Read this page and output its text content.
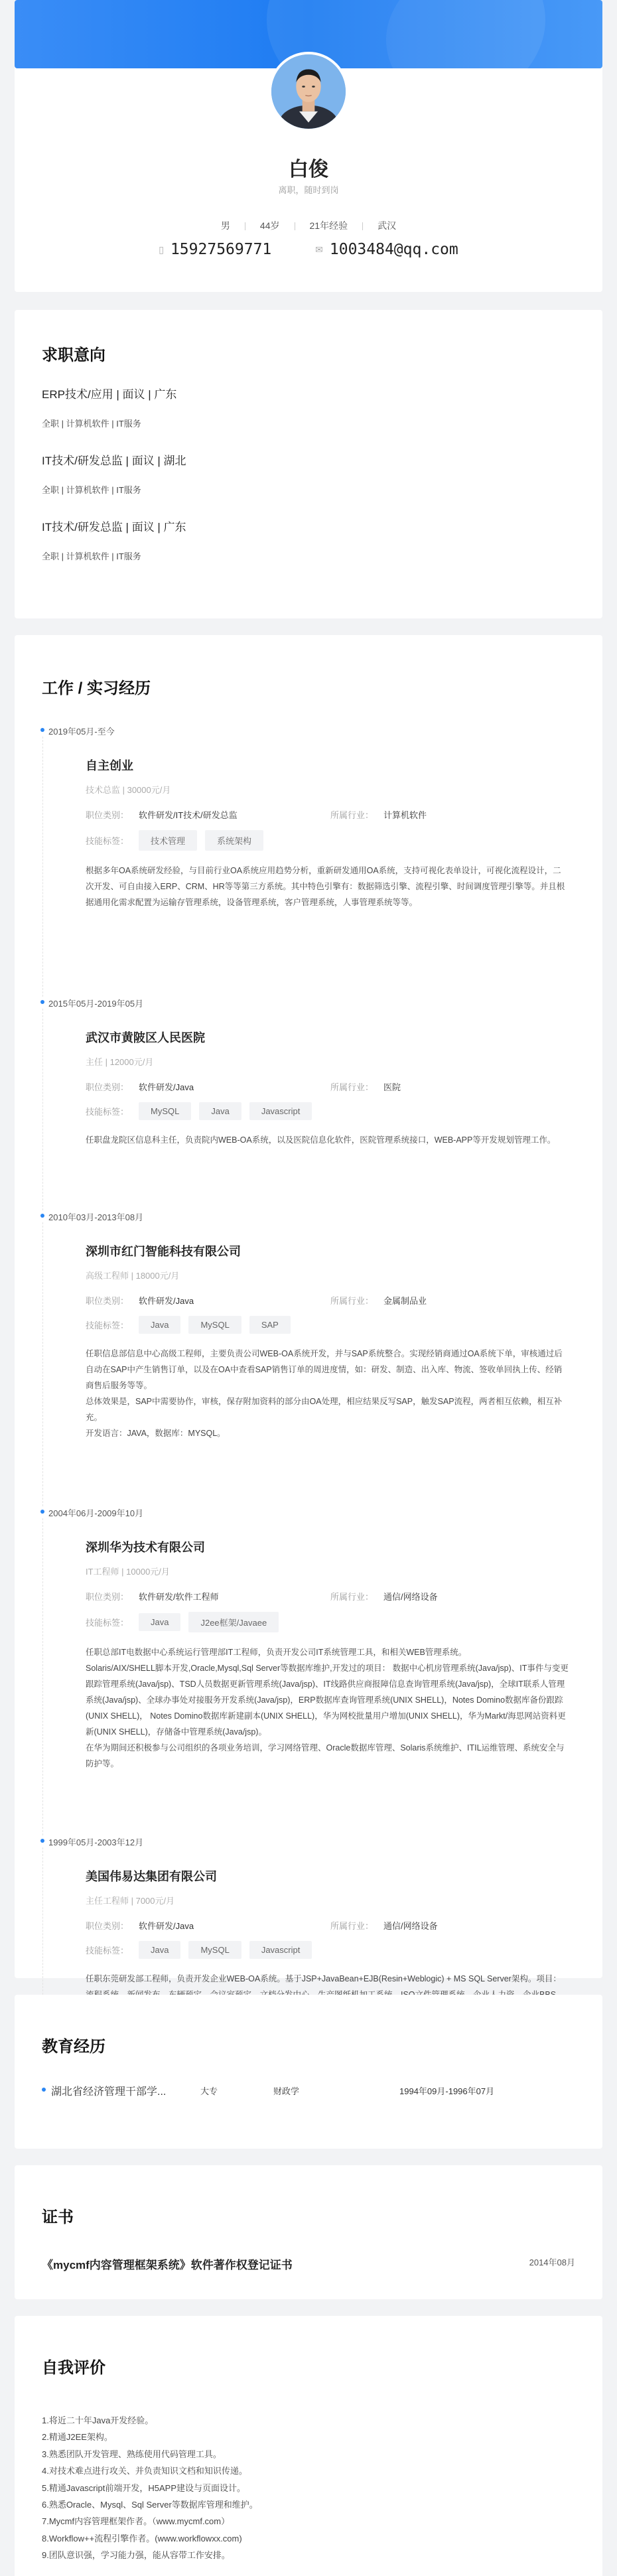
白俊
离职，随时到岗
男	44岁	21年经验	武汉
▯ 15927569771	✉ 1003484@qq.com
求职意向
ERP技术/应用 | 面议 | 广东
全职 | 计算机软件 | IT服务
IT技术/研发总监 | 面议 | 湖北
全职 | 计算机软件 | IT服务
IT技术/研发总监 | 面议 | 广东
全职 | 计算机软件 | IT服务
工作 / 实习经历
2019年05月-至今
自主创业
技术总监 | 30000元/月
职位类别：	软件研发/IT技术/研发总监	所属行业：	计算机软件
技能标签：	技术管理	系统架构
根据多年OA系统研发经验，与目前行业OA系统应用趋势分析，重新研发通用OA系统，支持可视化表单设计，可视化流程设计，二次开发、可自由接入ERP、CRM、HR等等第三方系统。其中特色引擎有：数据筛选引擎、流程引擎、时间调度管理引擎等。并且根据通用化需求配置为运输存管理系统，设备管理系统，客户管理系统，人事管理系统等等。
2015年05月-2019年05月
武汉市黄陂区人民医院
主任 | 12000元/月
职位类别：	软件研发/Java	所属行业：	医院
技能标签：	MySQL	Java	Javascript
任职盘龙院区信息科主任，负责院内WEB-OA系统，以及医院信息化软件，医院管理系统接口，WEB-APP等开发规划管理工作。
2010年03月-2013年08月
深圳市红门智能科技有限公司
高级工程师 | 18000元/月
职位类别：	软件研发/Java	所属行业：	金属制品业
技能标签：	Java	MySQL	SAP
任职信息部信息中心高级工程师，主要负责公司WEB-OA系统开发，并与SAP系统整合。实现经销商通过OA系统下单，审核通过后自动在SAP中产生销售订单，以及在OA中查看SAP销售订单的周进度情，如：研发、制造、出入库、物流、签收单回执上传、经销商售后服务等等。
总体效果是，SAP中需要协作，审核，保存附加资料的部分由OA处理，相应结果反写SAP，触发SAP流程，两者相互依赖，相互补充。
开发语言：JAVA，数据库：MYSQL。
2004年06月-2009年10月
深圳华为技术有限公司
IT工程师 | 10000元/月
职位类别：	软件研发/软件工程师	所属行业：	通信/网络设备
技能标签：	Java	J2ee框架/Javaee
任职总部IT电数据中心系统运行管理部IT工程师，负责开发公司IT系统管理工具，和相关WEB管理系统。
Solaris/AIX/SHELL脚本开发,Oracle,Mysql,Sql Server等数据库维护,开发过的项目： 数据中心机房管理系统(Java/jsp)、IT事件与变更跟踪管理系统(Java/jsp)、TSD人员数据更新管理系统(Java/jsp)、IT线路供应商报障信息查询管理系统(Java/jsp)，全球IT联系人管理系统(Java/jsp)、全球办事处对接服务开发系统(Java/jsp)，ERP数据库查询管理系统(UNIX SHELL)，Notes Domino数据库备份跟踪(UNIX SHELL)， Notes Domino数据库新建副本(UNIX SHELL)，华为网校批量用户增加(UNIX SHELL)，华为Markt/海思网站资料更新(UNIX SHELL)，存储备中管理系统(Java/jsp)。
在华为期间还积极参与公司组织的各项业务培训，学习网络管理、Oracle数据库管理、Solaris系统维护、ITIL运维管理、系统安全与防护等。
1999年05月-2003年12月
美国伟易达集团有限公司
主任工程师 | 7000元/月
职位类别：	软件研发/Java	所属行业：	通信/网络设备
技能标签：	Java	MySQL	Javascript
任职东莞研发部工程师，负责开发企业WEB-OA系统。基于JSP+JavaBean+EJB(Resin+Weblogic) + MS SQL Server架构。项目：
教育经历
湖北省经济管理干部学...	大专	财政学	1994年09月-1996年07月
证书
《mycmf内容管理框架系统》软件著作权登记证书	2014年08月
自我评价
1.将近二十年Java开发经验。
2.精通J2EE架构。
3.熟悉团队开发管理、熟练使用代码管理工具。
4.对技术难点进行攻关、并负责知识文档和知识传递。
5.精通Javascript前端开发，H5APP建设与页面设计。
6.熟悉Oracle、Mysql、Sql Server等数据库管理和维护。
7.Mycmf内容管理框架作者。（www.mycmf.com）
8.Workflow++流程引擎作者。(www.workflowxx.com)
9.团队意识强，学习能力强，能从容带工作安排。
